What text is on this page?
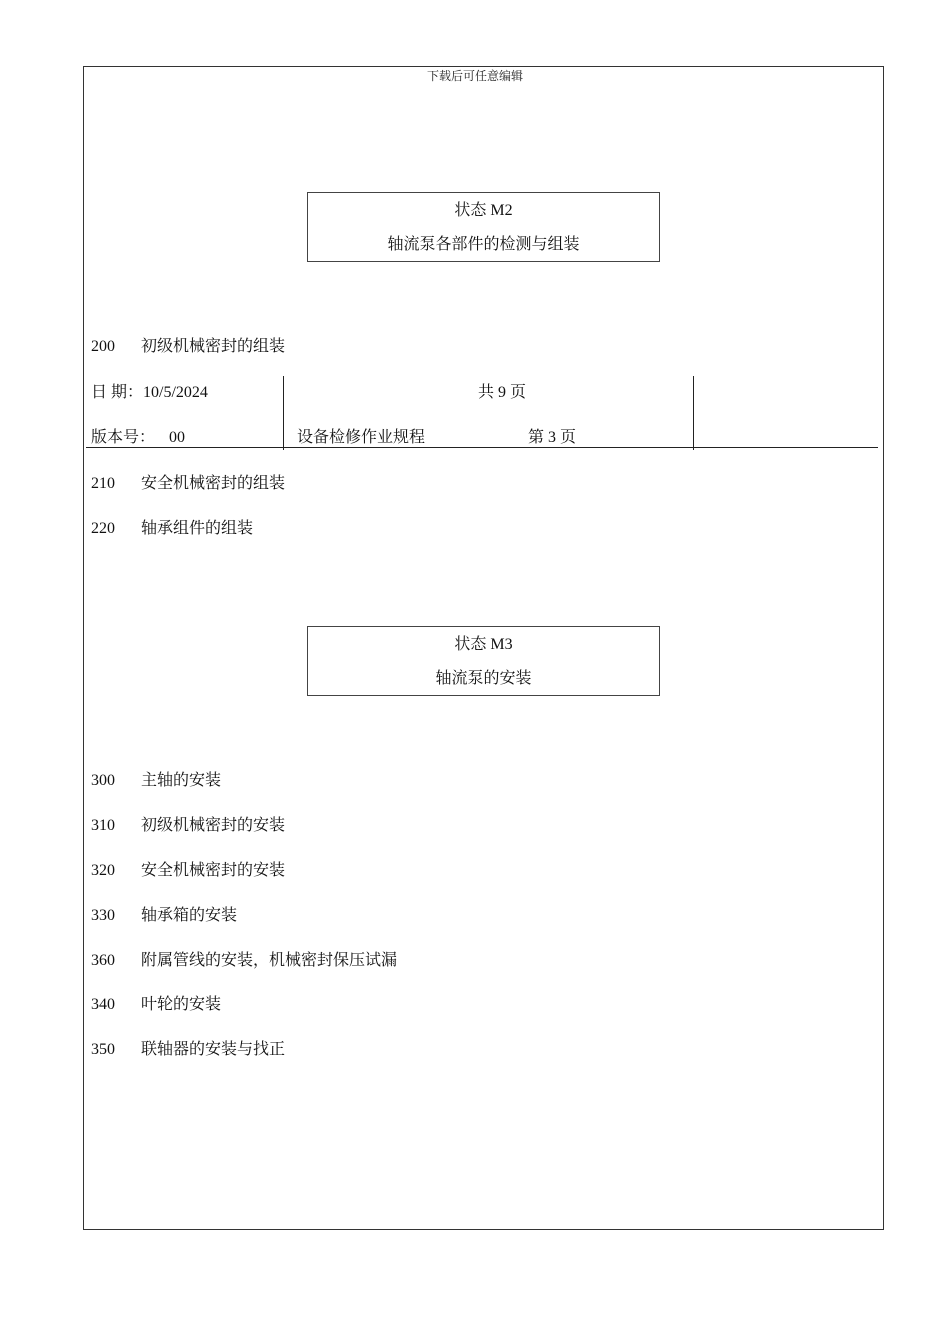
下载后可任意编辑
状态 M2
轴流泵各部件的检测与组装
200 初级机械密封的组装
日 期：10/5/2024
版本号： 00
共 9 页
设备检修作业规程	第 3 页
210 安全机械密封的组装
220 轴承组件的组装
状态 M3
轴流泵的安装
300 主轴的安装
310 初级机械密封的安装
320 安全机械密封的安装
330 轴承箱的安装
360 附属管线的安装，机械密封保压试漏
340 叶轮的安装
350 联轴器的安装与找正
